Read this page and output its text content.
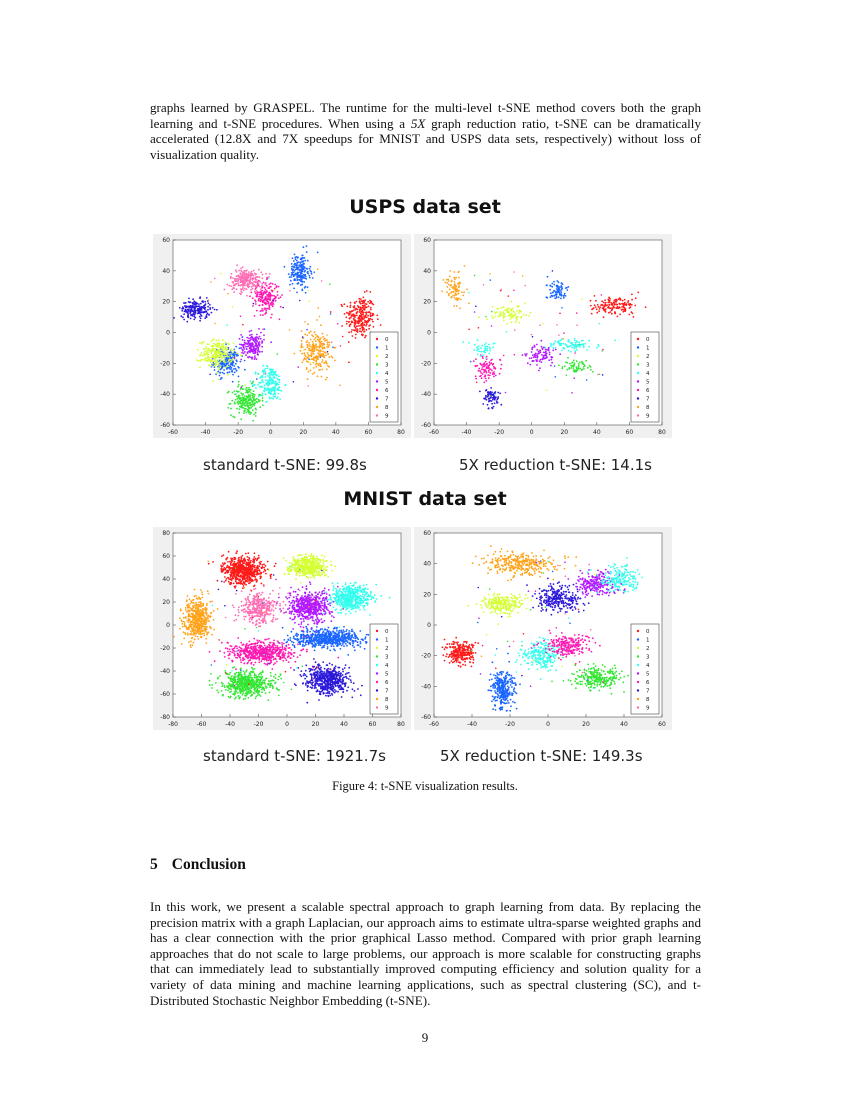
graphs learned by GRASPEL. The runtime for the multi-level t-SNE method covers both the graph learning and t-SNE procedures. When using a 5X graph reduction ratio, t-SNE can be dramatically accelerated (12.8X and 7X speedups for MNIST and USPS data sets, respectively) without loss of visualization quality.

USPS data set
-60	-40	-20	0	20	40	60	80
60
40
20
0
-20
-40
-60
0
1
2
3
4
5
6
7
8
9
-60	-40	-20	0	20	40	60	80
60
40
20
0
-20
-40
-60
0
1
2
3
4
5
6
7
8
9
standard t-SNE: 99.8s	5X reduction t-SNE: 14.1s
MNIST data set
-80	-60	-40	-20	0	20	40	60	80
80
60
40
20
0
-20
-40
-60
-80
0
1
2
3
4
5
6
7
8
9
-60	-40	-20	0	20	40	60
60
40
20
0
-20
-40
-60
0
1
2
3
4
5
6
7
8
9
standard t-SNE: 1921.7s	5X reduction t-SNE: 149.3s
Figure 4: t-SNE visualization results.
5 Conclusion

In this work, we present a scalable spectral approach to graph learning from data. By replacing the precision matrix with a graph Laplacian, our approach aims to estimate ultra-sparse weighted graphs and has a clear connection with the prior graphical Lasso method. Compared with prior graph learning approaches that do not scale to large problems, our approach is more scalable for constructing graphs that can immediately lead to substantially improved computing efficiency and solution quality for a variety of data mining and machine learning applications, such as spectral clustering (SC), and t-Distributed Stochastic Neighbor Embedding (t-SNE).

9
